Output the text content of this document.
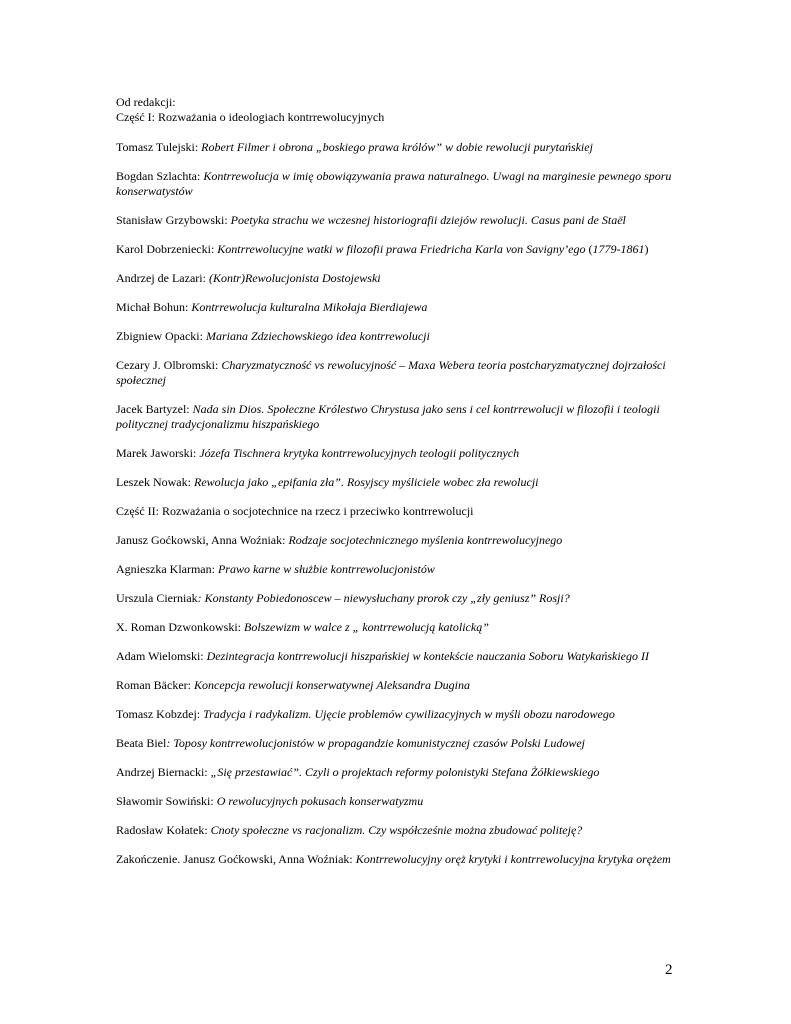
Od redakcji:

Część I: Rozważania o ideologiach kontrrewolucyjnych

Tomasz Tulejski: Robert Filmer i obrona „boskiego prawa królów” w dobie rewolucji purytańskiej

Bogdan Szlachta: Kontrrewolucja w imię obowiązywania prawa naturalnego. Uwagi na marginesie pewnego sporu konserwatystów

Stanisław Grzybowski: Poetyka strachu we wczesnej historiografii dziejów rewolucji. Casus pani de Staël

Karol Dobrzeniecki: Kontrrewolucyjne watki w filozofii prawa Friedricha Karla von Savigny’ego (1779-1861)

Andrzej de Lazari: (Kontr)Rewolucjonista Dostojewski

Michał Bohun: Kontrrewolucja kulturalna Mikołaja Bierdiajewa

Zbigniew Opacki: Mariana Zdziechowskiego idea kontrrewolucji

Cezary J. Olbromski: Charyzmatyczność vs rewolucyjność – Maxa Webera teoria postcharyzmatycznej dojrzałości społecznej

Jacek Bartyzel: Nada sin Dios. Społeczne Królestwo Chrystusa jako sens i cel kontrrewolucji w filozofii i teologii politycznej tradycjonalizmu hiszpańskiego

Marek Jaworski: Józefa Tischnera krytyka kontrrewolucyjnych teologii politycznych

Leszek Nowak: Rewolucja jako „epifania zła”. Rosyjscy myśliciele wobec zła rewolucji

Część II: Rozważania o socjotechnice na rzecz i przeciwko kontrrewolucji

Janusz Goćkowski, Anna Woźniak: Rodzaje socjotechnicznego myślenia kontrrewolucyjnego

Agnieszka Klarman: Prawo karne w służbie kontrrewolucjonistów

Urszula Cierniak: Konstanty Pobiedonoscew – niewysłuchany prorok czy „zły geniusz” Rosji?

X. Roman Dzwonkowski: Bolszewizm w walce z „ kontrrewolucją katolicką”

Adam Wielomski: Dezintegracja kontrrewolucji hiszpańskiej w kontekście nauczania Soboru Watykańskiego II

Roman Bäcker: Koncepcja rewolucji konserwatywnej Aleksandra Dugina

Tomasz Kobzdej: Tradycja i radykalizm. Ujęcie problemów cywilizacyjnych w myśli obozu narodowego

Beata Biel: Toposy kontrrewolucjonistów w propagandzie komunistycznej czasów Polski Ludowej

Andrzej Biernacki: „Się przestawiać”. Czyli o projektach reformy polonistyki Stefana Żółkiewskiego

Sławomir Sowiński: O rewolucyjnych pokusach konserwatyzmu

Radosław Kołatek: Cnoty społeczne vs racjonalizm. Czy współcześnie można zbudować politeję?

Zakończenie. Janusz Goćkowski, Anna Woźniak: Kontrrewolucyjny oręż krytyki i kontrrewolucyjna krytyka orężem

2
